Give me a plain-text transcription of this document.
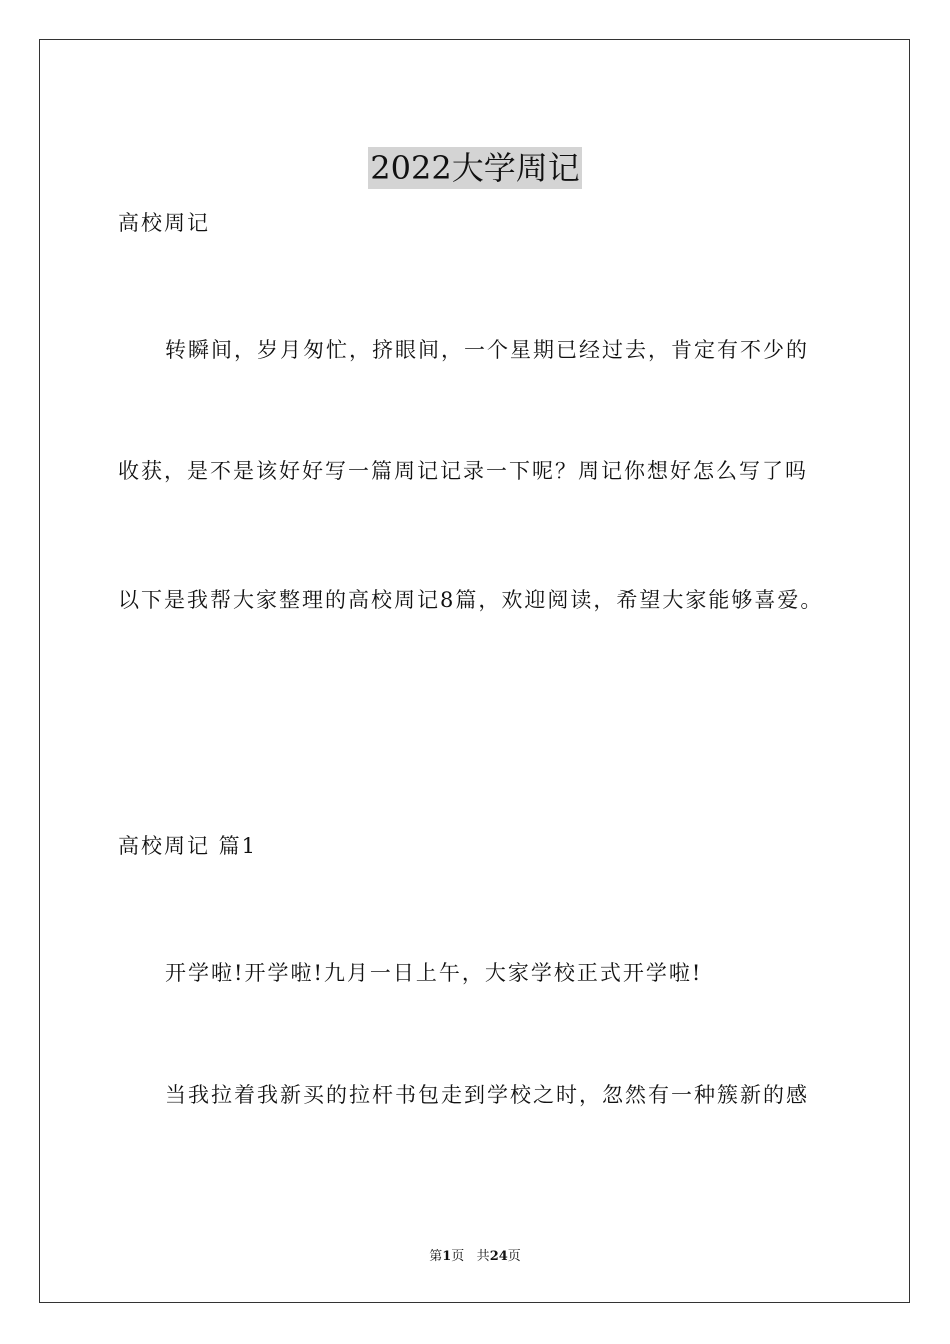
2022大学周记
高校周记
转瞬间，岁月匆忙，挤眼间，一个星期已经过去，肯定有不少的
收获，是不是该好好写一篇周记记录一下呢？周记你想好怎么写了吗
以下是我帮大家整理的高校周记8篇，欢迎阅读，希望大家能够喜爱。
高校周记 篇1
开学啦!开学啦!九月一日上午，大家学校正式开学啦!
当我拉着我新买的拉杆书包走到学校之时，忽然有一种簇新的感
第1页 共24页
